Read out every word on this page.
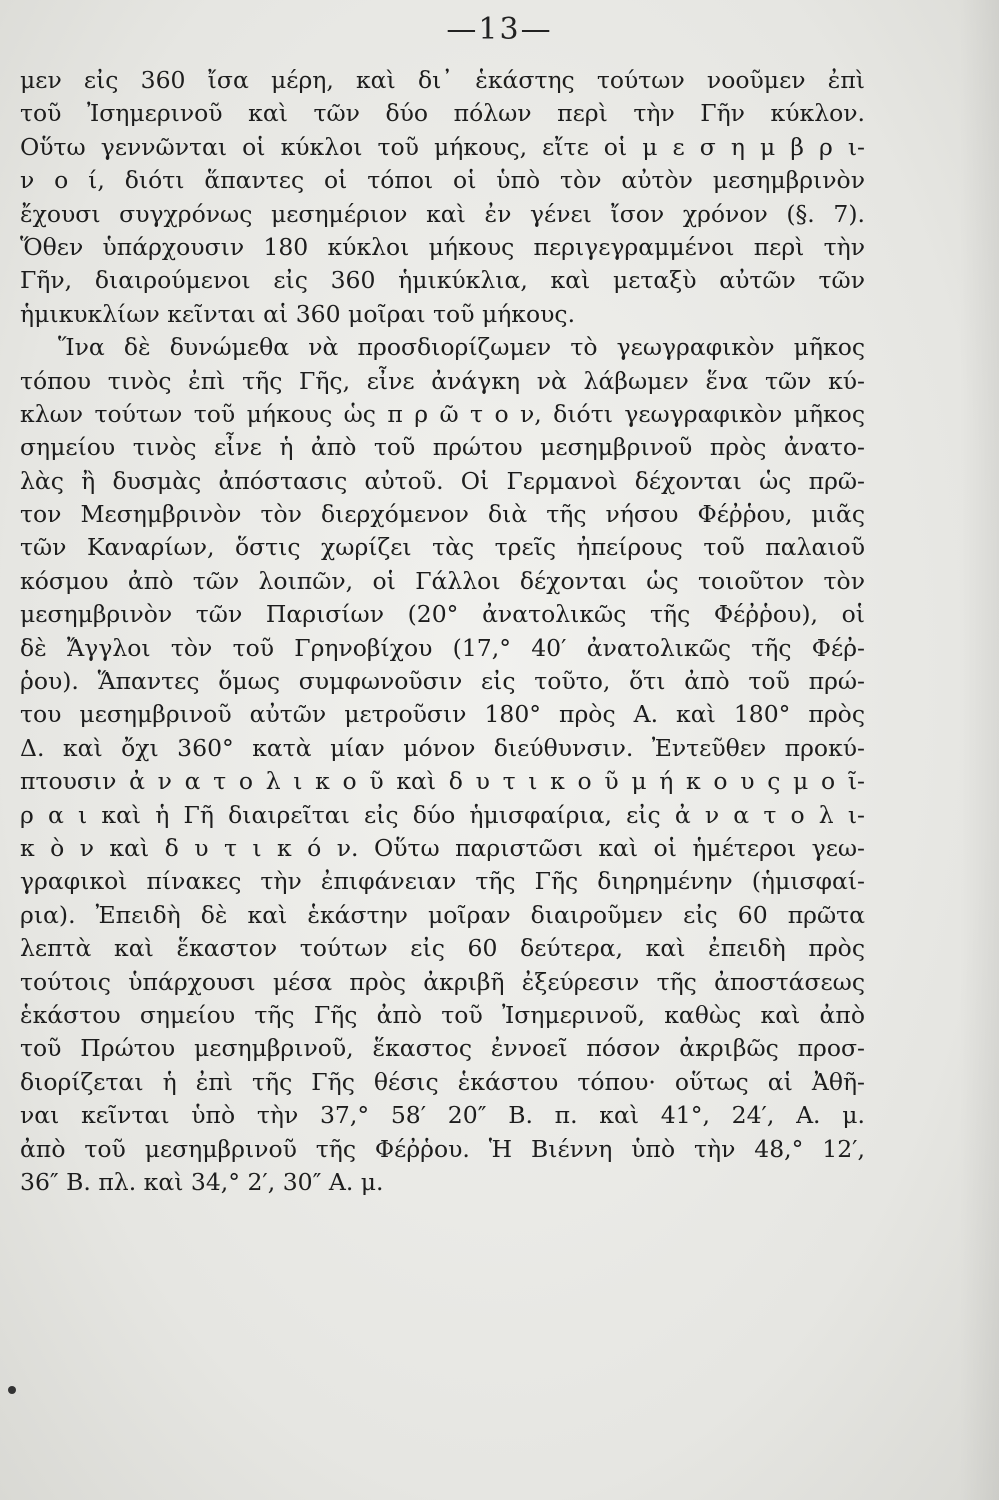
—13—
μεν εἰς 360 ἴσα μέρη, καὶ δι᾽ ἑκάστης τούτων νοοῦμεν ἐπὶ
τοῦ Ἰσημερινοῦ καὶ τῶν δύο πόλων περὶ τὴν Γῆν κύκλον.
Οὕτω γεννῶνται οἱ κύκλοι τοῦ μήκους, εἴτε οἱ μ ε σ η μ β ρ ι-
ν ο ί, διότι ἅπαντες οἱ τόποι οἱ ὑπὸ τὸν αὐτὸν μεσημβρινὸν
ἔχουσι συγχρόνως μεσημέριον καὶ ἐν γένει ἴσον χρόνον (§. 7).
Ὅθεν ὑπάρχουσιν 180 κύκλοι μήκους περιγεγραμμένοι περὶ τὴν
Γῆν, διαιρούμενοι εἰς 360 ἡμικύκλια, καὶ μεταξὺ αὐτῶν τῶν
ἡμικυκλίων κεῖνται αἱ 360 μοῖραι τοῦ μήκους.
Ἵνα δὲ δυνώμεθα νὰ προσδιορίζωμεν τὸ γεωγραφικὸν μῆκος
τόπου τινὸς ἐπὶ τῆς Γῆς, εἶνε ἀνάγκη νὰ λάβωμεν ἕνα τῶν κύ-
κλων τούτων τοῦ μήκους ὡς π ρ ῶ τ ο ν, διότι γεωγραφικὸν μῆκος
σημείου τινὸς εἶνε ἡ ἀπὸ τοῦ πρώτου μεσημβρινοῦ πρὸς ἀνατο-
λὰς ἢ δυσμὰς ἀπόστασις αὐτοῦ. Οἱ Γερμανοὶ δέχονται ὡς πρῶ-
τον Μεσημβρινὸν τὸν διερχόμενον διὰ τῆς νήσου Φέῤῥου, μιᾶς
τῶν Καναρίων, ὅστις χωρίζει τὰς τρεῖς ἠπείρους τοῦ παλαιοῦ
κόσμου ἀπὸ τῶν λοιπῶν, οἱ Γάλλοι δέχονται ὡς τοιοῦτον τὸν
μεσημβρινὸν τῶν Παρισίων (20° ἀνατολικῶς τῆς Φέῤῥου), οἱ
δὲ Ἄγγλοι τὸν τοῦ Γρηνοβίχου (17,° 40′ ἀνατολικῶς τῆς Φέῤ-
ῥου). Ἅπαντες ὅμως συμφωνοῦσιν εἰς τοῦτο, ὅτι ἀπὸ τοῦ πρώ-
του μεσημβρινοῦ αὐτῶν μετροῦσιν 180° πρὸς Α. καὶ 180° πρὸς
Δ. καὶ ὄχι 360° κατὰ μίαν μόνον διεύθυνσιν. Ἐντεῦθεν προκύ-
πτουσιν ἀ ν α τ ο λ ι κ ο ῦ καὶ δ υ τ ι κ ο ῦ μ ή κ ο υ ς μ ο ῖ-
ρ α ι καὶ ἡ Γῆ διαιρεῖται εἰς δύο ἡμισφαίρια, εἰς ἀ ν α τ ο λ ι-
κ ὸ ν καὶ δ υ τ ι κ ό ν. Οὕτω παριστῶσι καὶ οἱ ἡμέτεροι γεω-
γραφικοὶ πίνακες τὴν ἐπιφάνειαν τῆς Γῆς διηρημένην (ἡμισφαί-
ρια). Ἐπειδὴ δὲ καὶ ἑκάστην μοῖραν διαιροῦμεν εἰς 60 πρῶτα
λεπτὰ καὶ ἕκαστον τούτων εἰς 60 δεύτερα, καὶ ἐπειδὴ πρὸς
τούτοις ὑπάρχουσι μέσα πρὸς ἀκριβῆ ἐξεύρεσιν τῆς ἀποστάσεως
ἑκάστου σημείου τῆς Γῆς ἀπὸ τοῦ Ἰσημερινοῦ, καθὼς καὶ ἀπὸ
τοῦ Πρώτου μεσημβρινοῦ, ἕκαστος ἐννοεῖ πόσον ἀκριβῶς προσ-
διορίζεται ἡ ἐπὶ τῆς Γῆς θέσις ἑκάστου τόπου· οὕτως αἱ Ἀθῆ-
ναι κεῖνται ὑπὸ τὴν 37,° 58′ 20″ Β. π. καὶ 41°, 24′, Α. μ.
ἀπὸ τοῦ μεσημβρινοῦ τῆς Φέῤῥου. Ἡ Βιέννη ὑπὸ τὴν 48,° 12′,
36″ Β. πλ. καὶ 34,° 2′, 30″ Α. μ.
